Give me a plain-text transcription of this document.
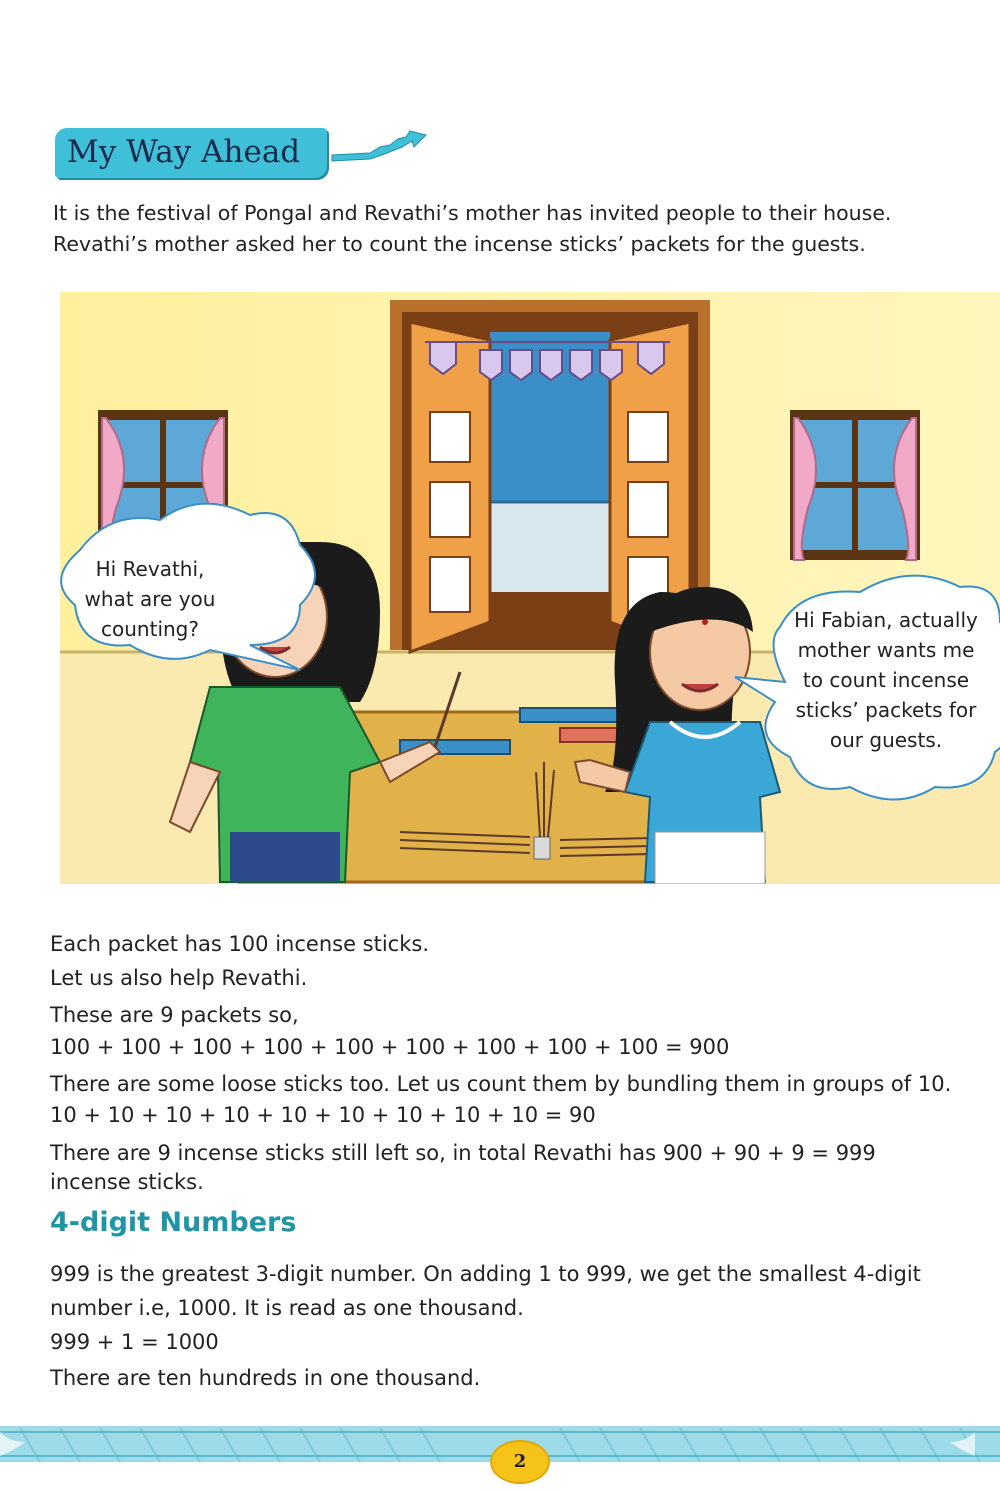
My Way Ahead

It is the festival of Pongal and Revathi’s mother has invited people to their house. Revathi’s mother asked her to count the incense sticks’ packets for the guests.

Hi Revathi,
what are you
counting?	Hi Fabian, actually
mother wants me
to count incense
sticks’ packets for
our guests.

Each packet has 100 incense sticks.

Let us also help Revathi.

These are 9 packets so,

100 + 100 + 100 + 100 + 100 + 100 + 100 + 100 + 100 = 900

There are some loose sticks too. Let us count them by bundling them in groups of 10.

10 + 10 + 10 + 10 + 10 + 10 + 10 + 10 + 10 = 90

There are 9 incense sticks still left so, in total Revathi has 900 + 90 + 9 = 999

incense sticks.

4-digit Numbers

999 is the greatest 3-digit number. On adding 1 to 999, we get the smallest 4-digit

number i.e, 1000. It is read as one thousand.

999 + 1 = 1000

There are ten hundreds in one thousand.

2
